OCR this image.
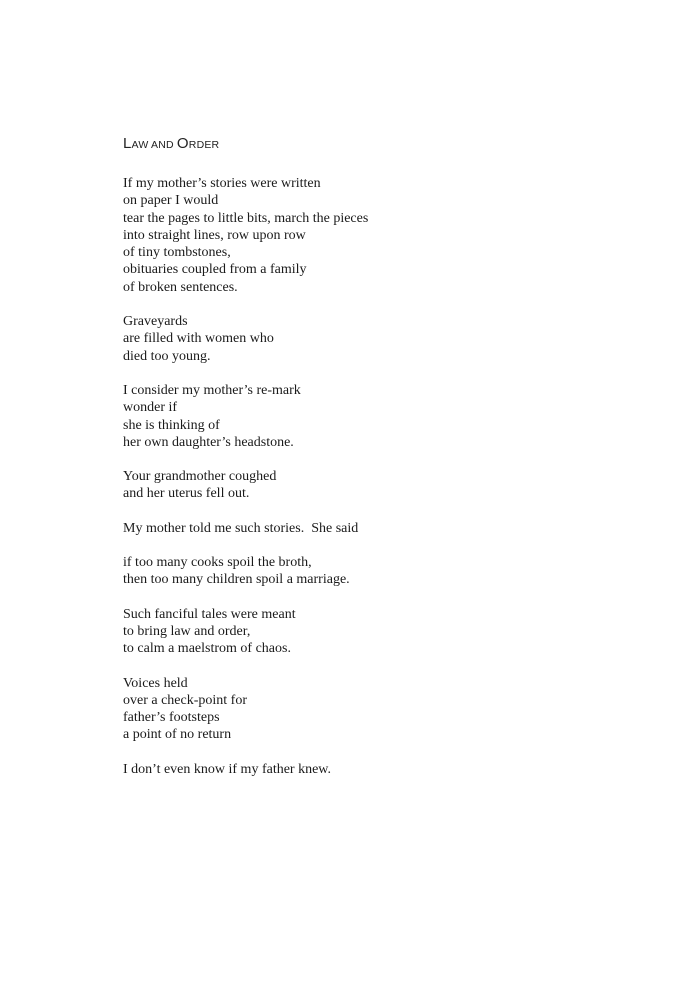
LAW AND ORDER
If my mother’s stories were written
on paper I would
tear the pages to little bits, march the pieces
into straight lines, row upon row
of tiny tombstones,
obituaries coupled from a family
of broken sentences.
Graveyards
are filled with women who
died too young.
I consider my mother’s re-mark
wonder if
she is thinking of
her own daughter’s headstone.
Your grandmother coughed
and her uterus fell out.
My mother told me such stories.  She said
if too many cooks spoil the broth,
then too many children spoil a marriage.
Such fanciful tales were meant
to bring law and order,
to calm a maelstrom of chaos.
Voices held
over a check-point for
father’s footsteps
a point of no return
I don’t even know if my father knew.
